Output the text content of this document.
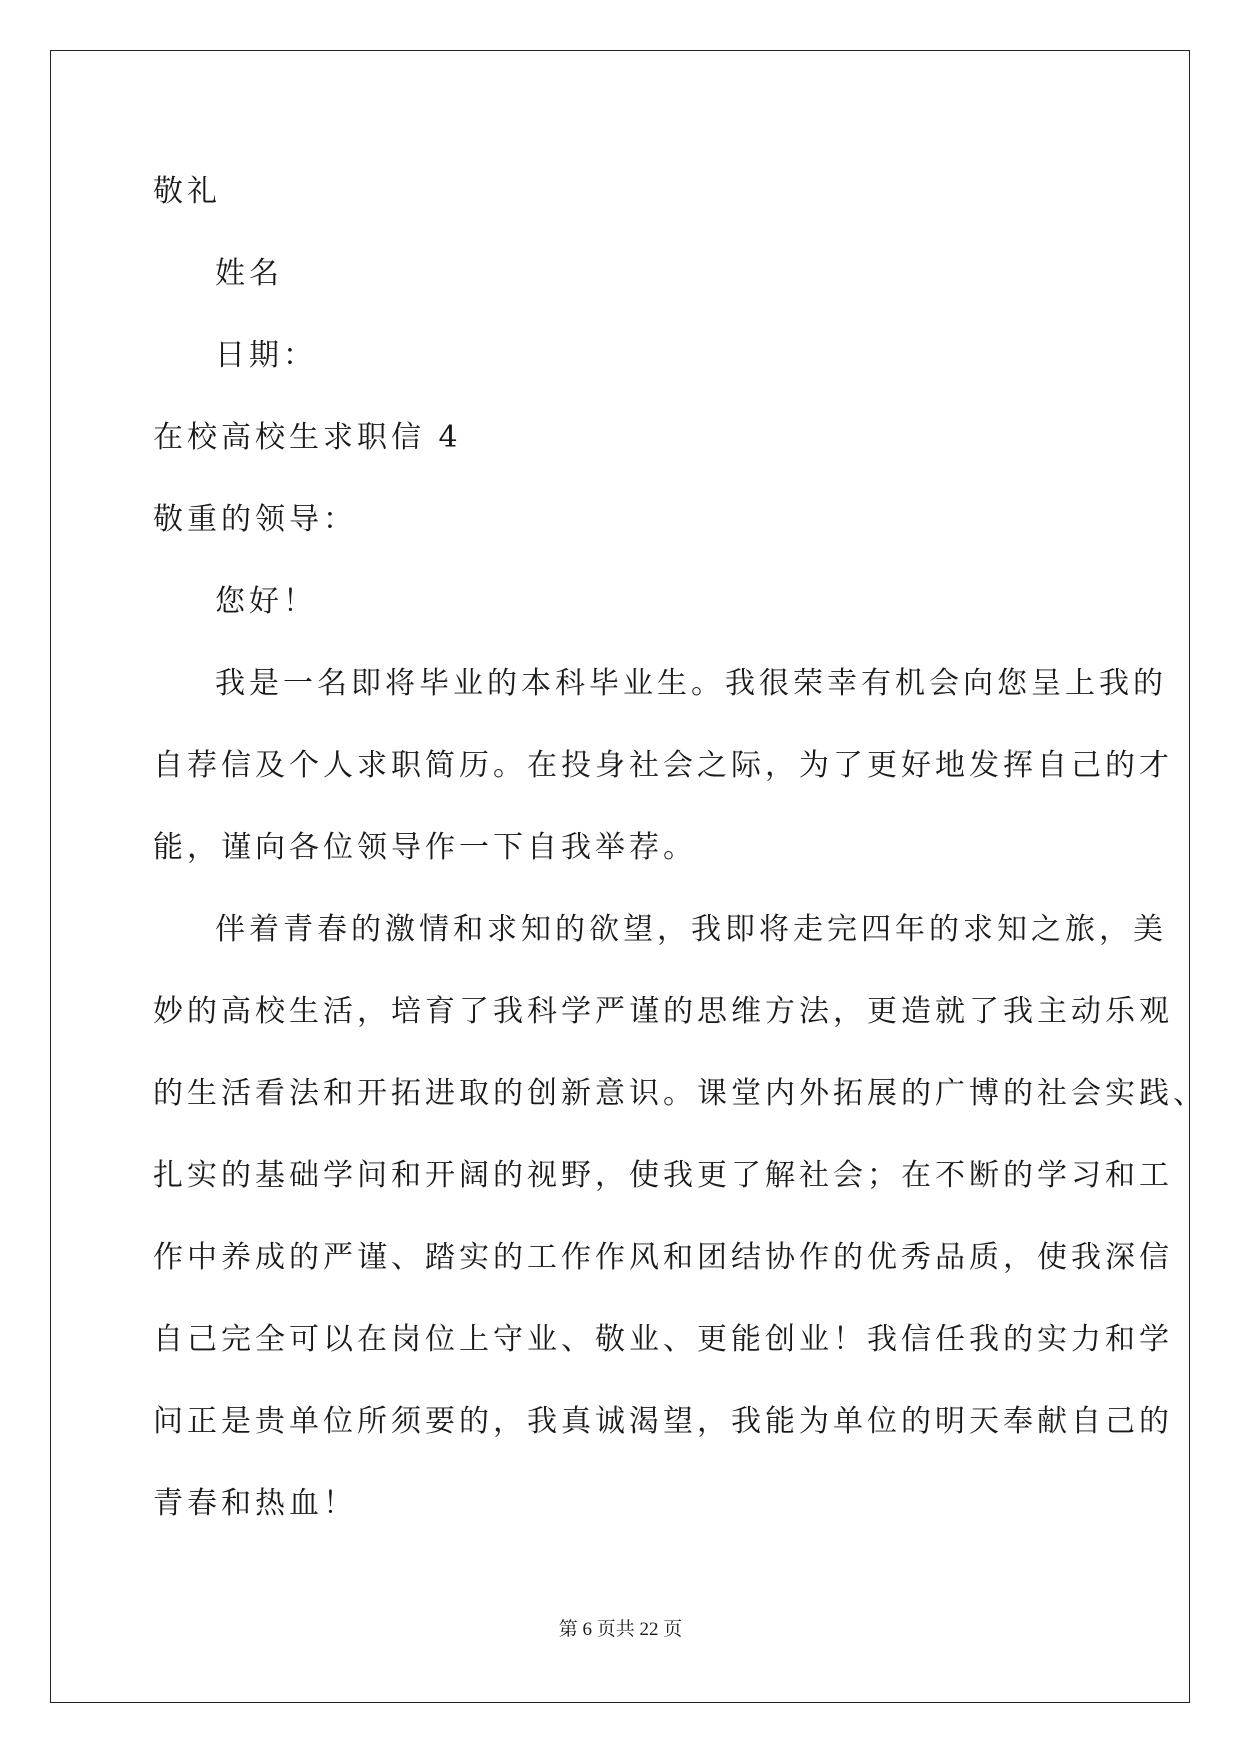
敬礼
姓名
日期：
在校高校生求职信 4
敬重的领导：
您好！
我是一名即将毕业的本科毕业生。我很荣幸有机会向您呈上我的
自荐信及个人求职简历。在投身社会之际，为了更好地发挥自己的才
能，谨向各位领导作一下自我举荐。
伴着青春的激情和求知的欲望，我即将走完四年的求知之旅，美
妙的高校生活，培育了我科学严谨的思维方法，更造就了我主动乐观
的生活看法和开拓进取的创新意识。课堂内外拓展的广博的社会实践、
扎实的基础学问和开阔的视野，使我更了解社会；在不断的学习和工
作中养成的严谨、踏实的工作作风和团结协作的优秀品质，使我深信
自己完全可以在岗位上守业、敬业、更能创业！我信任我的实力和学
问正是贵单位所须要的，我真诚渴望，我能为单位的明天奉献自己的
青春和热血！
第 6 页共 22 页
